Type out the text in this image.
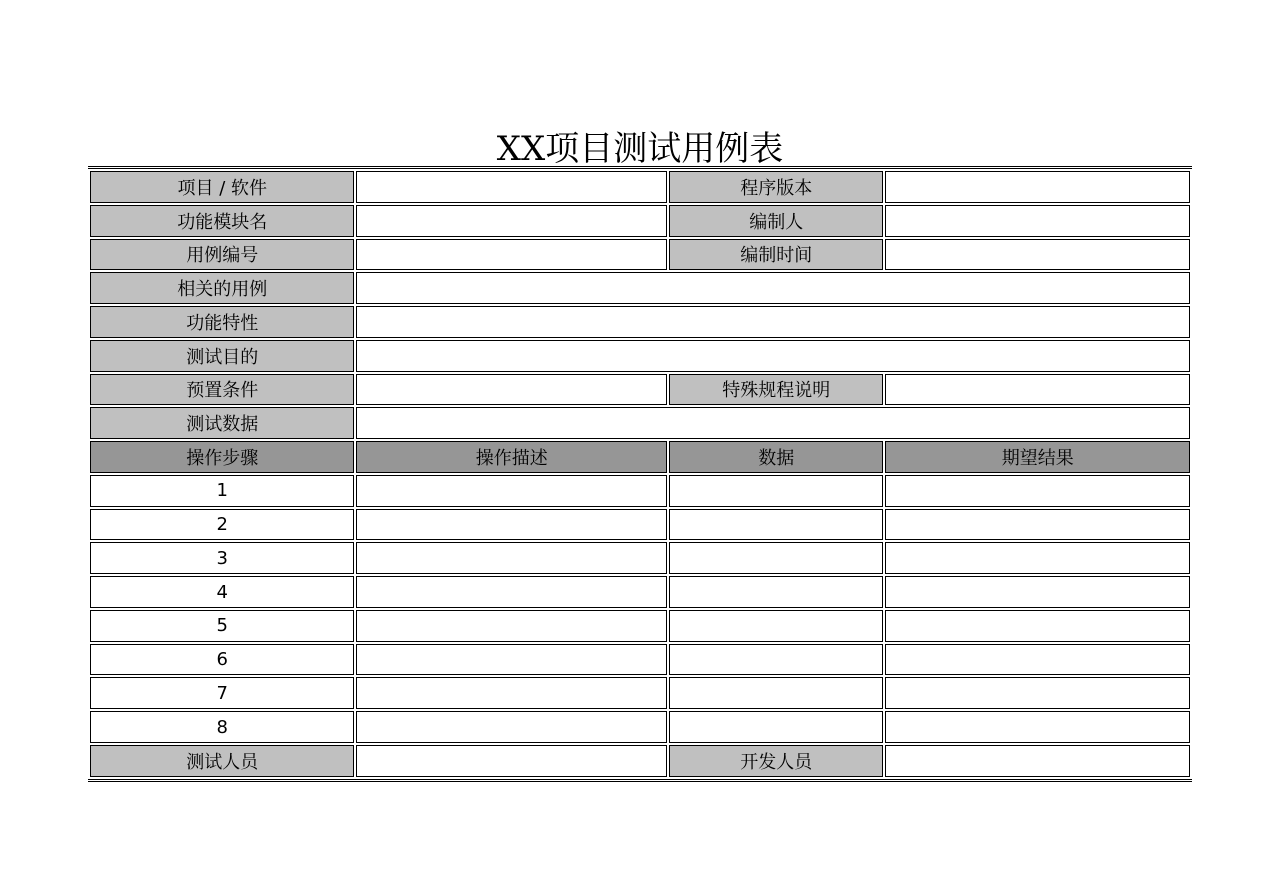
XX项目测试用例表
项目 / 软件		程序版本	
功能模块名		编制人	
用例编号		编制时间	
相关的用例			
功能特性			
测试目的			
预置条件		特殊规程说明	
测试数据			
操作步骤	操作描述	数据	期望结果
1			
2			
3			
4			
5			
6			
7			
8			
测试人员		开发人员	
